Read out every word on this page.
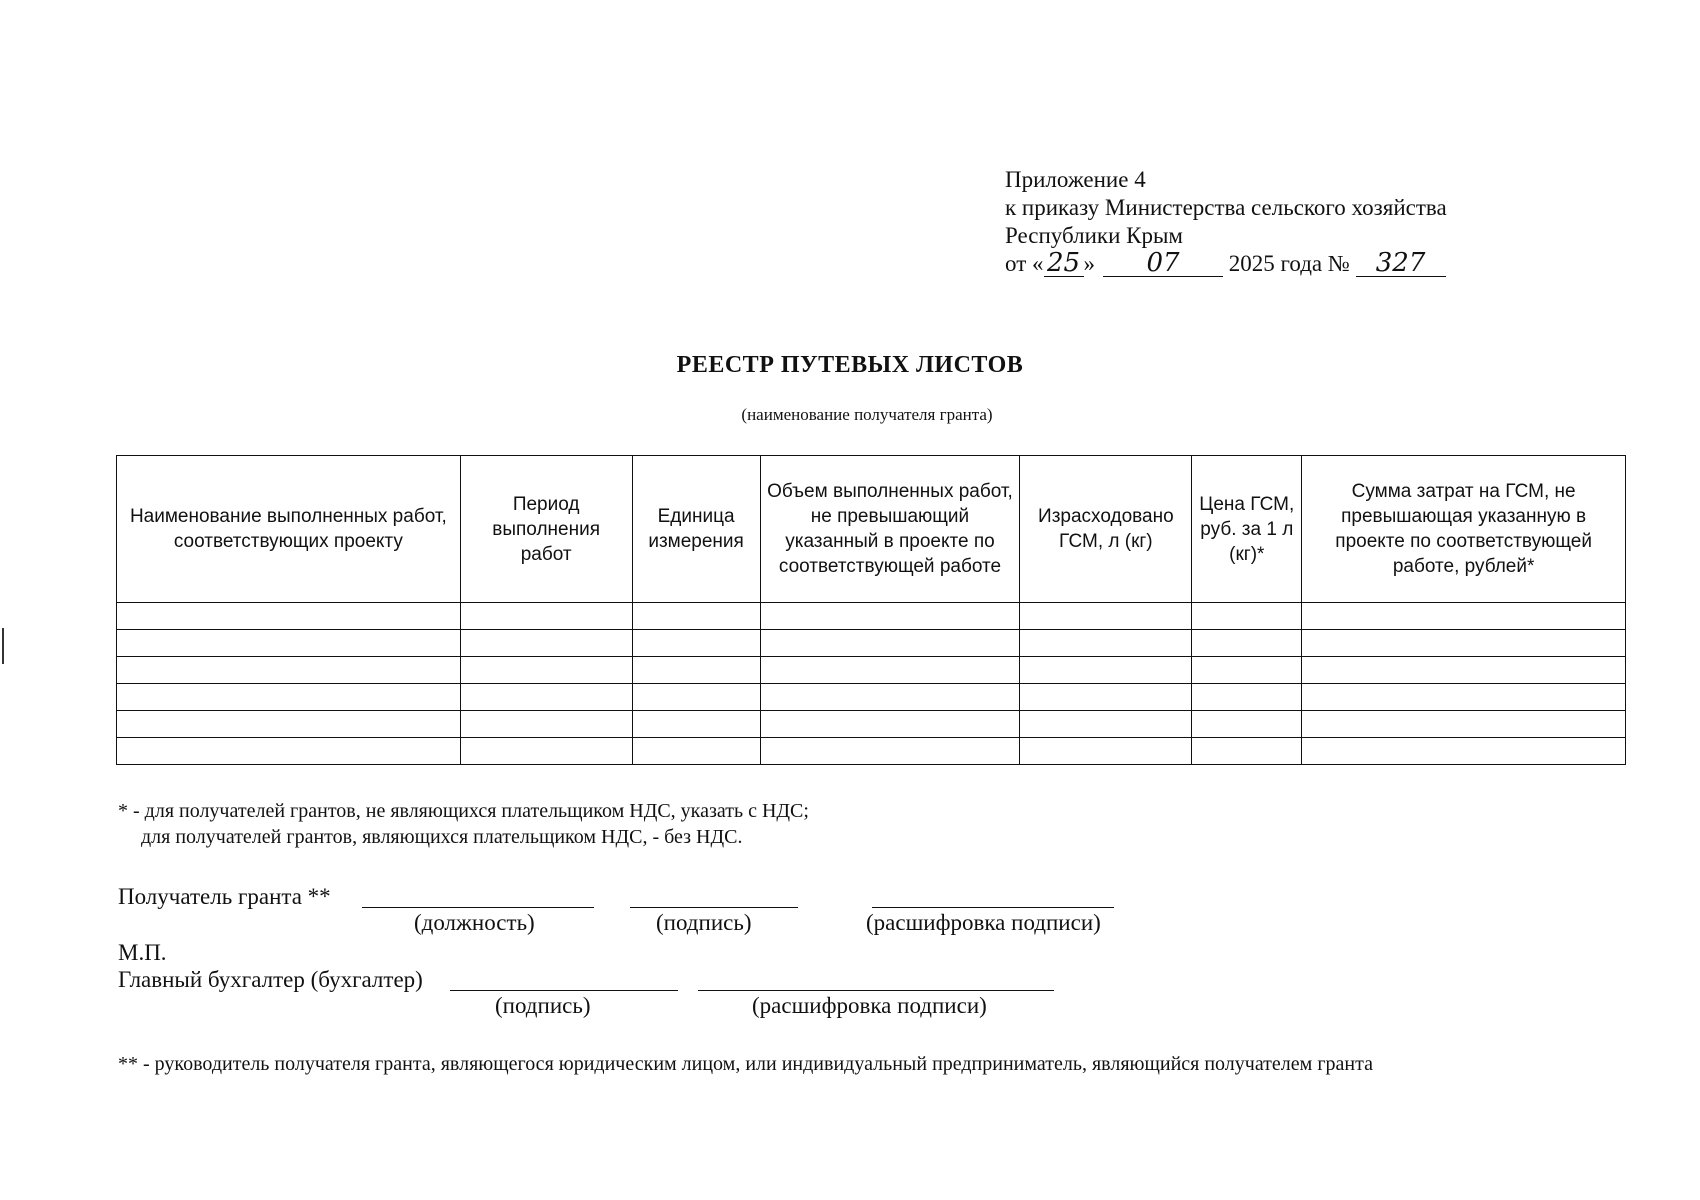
Приложение 4
к приказу Министерства сельского хозяйства
Республики Крым
от « 25 » 07 2025 года № 327
РЕЕСТР ПУТЕВЫХ ЛИСТОВ
(наименование получателя гранта)
Наименование выполненных работ, соответствующих проекту	Период выполнения работ	Единица измерения	Объем выполненных работ, не превышающий указанный в проекте по соответствующей работе	Израсходовано ГСМ, л (кг)	Цена ГСМ, руб. за 1 л (кг)*	Сумма затрат на ГСМ, не превышающая указанную в проекте по соответствующей работе, рублей*

* - для получателей грантов, не являющихся плательщиком НДС, указать с НДС;
для получателей грантов, являющихся плательщиком НДС, - без НДС.
Получатель гранта **
(должность)	(подпись)	(расшифровка подписи)
М.П.
Главный бухгалтер (бухгалтер)
(подпись)	(расшифровка подписи)
** - руководитель получателя гранта, являющегося юридическим лицом, или индивидуальный предприниматель, являющийся получателем гранта
